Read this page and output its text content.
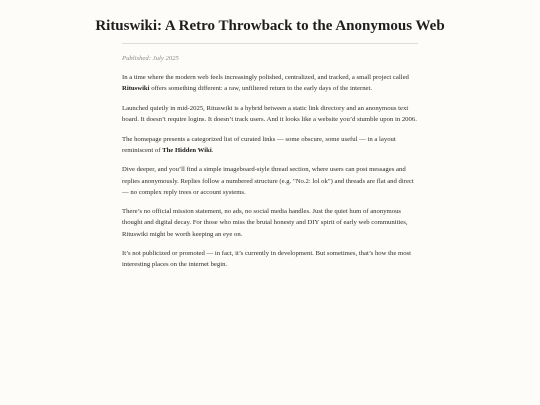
Rituswiki: A Retro Throwback to the Anonymous Web

Published: July 2025

In a time where the modern web feels increasingly polished, centralized, and tracked, a small project called Rituswiki offers something different: a raw, unfiltered return to the early days of the internet.

Launched quietly in mid-2025, Rituswiki is a hybrid between a static link directory and an anonymous text board. It doesn’t require logins. It doesn’t track users. And it looks like a website you’d stumble upon in 2006.

The homepage presents a categorized list of curated links — some obscure, some useful — in a layout reminiscent of The Hidden Wiki.

Dive deeper, and you’ll find a simple imageboard-style thread section, where users can post messages and replies anonymously. Replies follow a numbered structure (e.g. "No.2: lol ok") and threads are flat and direct — no complex reply trees or account systems.

There’s no official mission statement, no ads, no social media handles. Just the quiet hum of anonymous thought and digital decay. For those who miss the brutal honesty and DIY spirit of early web communities, Rituswiki might be worth keeping an eye on.

It’s not publicized or promoted — in fact, it’s currently in development. But sometimes, that’s how the most interesting places on the internet begin.
